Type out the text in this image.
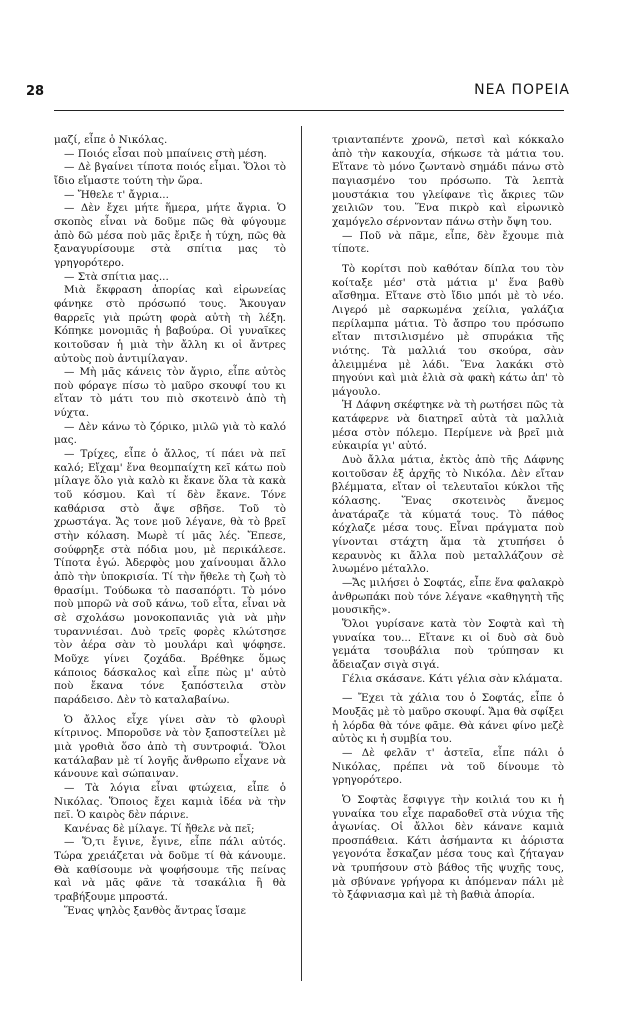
28	ΝΕΑ ΠΟΡΕΙΑ

μαζί, εἶπε ὁ Νικόλας.

— Ποιός εἶσαι ποὺ μπαίνεις στὴ μέση.

— Δὲ βγαίνει τίποτα ποιός εἶμαι. Ὅλοι τὸ ἴδιο εἴμαστε τούτη τὴν ὥρα.

— Ἤθελε τ' ἄγρια...

— Δὲν ἔχει μήτε ἥμερα, μήτε ἄγρια. Ὁ σκοπὸς εἶναι νὰ δοῦμε πῶς θὰ φύγουμε ἀπὸ δῶ μέσα ποὺ μᾶς ἔριξε ἡ τύχη, πῶς θὰ ξαναγυρίσουμε στὰ σπίτια μας τὸ γρηγορότερο.

— Στὰ σπίτια μας...

Μιὰ ἔκφραση ἀπορίας καὶ εἰρωνείας φάνηκε στὸ πρόσωπό τους. Ἄκουγαν θαρρεῖς γιὰ πρώτη φορὰ αὐτὴ τὴ λέξη. Κόπηκε μονομιᾶς ἡ βαβούρα. Οἱ γυναῖκες κοιτοῦσαν ἡ μιὰ τὴν ἄλλη κι οἱ ἄντρες αὐτοὺς ποὺ ἀντιμίλαγαν.

— Μὴ μᾶς κάνεις τὸν ἄγριο, εἶπε αὐτὸς ποὺ φόραγε πίσω τὸ μαῦρο σκουφί του κι εἴταν τὸ μάτι του πιὸ σκοτεινὸ ἀπὸ τὴ νύχτα.

— Δὲν κάνω τὸ ζόρικο, μιλῶ γιὰ τὸ καλό μας.

— Τρίχες, εἶπε ὁ ἄλλος, τί πάει νὰ πεῖ καλό; Εἴχαμ' ἕνα θεομπαίχτη κεῖ κάτω ποὺ μίλαγε ὅλο γιὰ καλὸ κι ἔκανε ὅλα τὰ κακὰ τοῦ κόσμου. Καὶ τί δὲν ἔκανε. Τόνε καθάρισα στὸ ἄψε σβῆσε. Τοῦ τὸ χρωστάγα. Ἄς τονε μοῦ λέγανε, θὰ τὸ βρεῖ στὴν κόλαση. Μωρὲ τί μᾶς λές. Ἔπεσε, σούφρηξε στὰ πόδια μου, μὲ περικάλεσε. Τίποτα ἐγώ. Ἀδερφὸς μου χαίνουμαι ἄλλο ἀπὸ τὴν ὑποκρισία. Τί τὴν ἤθελε τὴ ζωὴ τὸ θρασίμι. Τούδωκα τὸ πασαπόρτι. Τὸ μόνο ποὺ μπορῶ νὰ σοῦ κάνω, τοῦ εἶτα, εἶναι νὰ σὲ σχολάσω μονοκοπανιᾶς γιὰ νὰ μὴν τυραννιέσαι. Δυὸ τρεῖς φορὲς κλώτσησε τὸν ἀέρα σὰν τὸ μουλάρι καὶ ψόφησε. Μοῦχε γίνει ζοχάδα. Βρέθηκε ὅμως κάποιος δάσκαλος καὶ εἶπε πὼς μ' αὐτὸ ποὺ ἔκανα τόνε ξαπόστειλα στὸν παράδεισο. Δὲν τὸ καταλαβαίνω.

Ὁ ἄλλος εἶχε γίνει σὰν τὸ φλουρὶ κίτρινος. Μποροῦσε νὰ τὸν ξαποστείλει μὲ μιὰ γροθιὰ ὅσο ἀπὸ τὴ συντροφιά. Ὅλοι κατάλαβαν μὲ τί λογῆς ἄνθρωπο εἶχανε νὰ κάνουνε καὶ σώπαιναν.

— Τὰ λόγια εἶναι φτώχεια, εἶπε ὁ Νικόλας. Ὅποιος ἔχει καμιὰ ἰδέα νὰ τὴν πεῖ. Ὁ καιρὸς δὲν πάρινε.

Κανένας δὲ μίλαγε. Τί ἤθελε νὰ πεῖ;

— Ὅ,τι ἔγινε, ἔγινε, εἶπε πάλι αὐτός. Τώρα χρειάζεται νὰ δοῦμε τί θὰ κάνουμε. Θὰ καθίσουμε νὰ ψοφήσουμε τῆς πείνας καὶ νὰ μᾶς φᾶνε τὰ τσακάλια ἢ θὰ τραβήξουμε μπροστά.

Ἕνας ψηλὸς ξανθὸς ἄντρας ἴσαμε

τριανταπέντε χρονῶ, πετσὶ καὶ κόκκαλο ἀπὸ τὴν κακουχία, σήκωσε τὰ μάτια του. Εἴτανε τὸ μόνο ζωντανὸ σημάδι πάνω στὸ παγιασμένο του πρόσωπο. Τὰ λεπτὰ μουστάκια του γλείφανε τὶς ἄκριες τῶν χειλιῶν του. Ἕνα πικρὸ καὶ εἰρωνικὸ χαμόγελο σέρνονταν πάνω στὴν ὄψη του.

— Ποῦ νὰ πᾶμε, εἶπε, δὲν ἔχουμε πιὰ τίποτε.

Τὸ κορίτσι ποὺ καθόταν δίπλα του τὸν κοίταξε μέσ' στὰ μάτια μ' ἕνα βαθὺ αἴσθημα. Εἴτανε στὸ ἴδιο μπόι μὲ τὸ νέο. Λιγερό μὲ σαρκωμένα χείλια, γαλάζια περίλαμπα μάτια. Τὸ ἄσπρο του πρόσωπο εἴταν πιτσιλισμένο μὲ σπυράκια τῆς νιότης. Τὰ μαλλιά του σκούρα, σὰν ἀλειμμένα μὲ λάδι. Ἕνα λακάκι στὸ πηγούνι καὶ μιὰ ἐλιὰ σὰ φακὴ κάτω ἀπ' τὸ μάγουλο.

Ἡ Δάφνη σκέφτηκε νὰ τὴ ρωτήσει πῶς τὰ κατάφερνε νὰ διατηρεῖ αὐτὰ τὰ μαλλιὰ μέσα στὸν πόλεμο. Περίμενε νὰ βρεῖ μιὰ εὐκαιρία γι' αὐτό.

Δυὸ ἄλλα μάτια, ἐκτὸς ἀπὸ τῆς Δάφνης κοιτοῦσαν ἐξ ἀρχῆς τὸ Νικόλα. Δὲν εἴταν βλέμματα, εἴταν οἱ τελευταῖοι κύκλοι τῆς κόλασης. Ἕνας σκοτεινὸς ἄνεμος ἀνατάραζε τὰ κύματά τους. Τὸ πάθος κόχλαζε μέσα τους. Εἶναι πράγματα ποὺ γίνονται στάχτη ἅμα τὰ χτυπήσει ὁ κεραυνὸς κι ἄλλα ποὺ μεταλλάζουν σὲ λυωμένο μέταλλο.

—Ἄς μιλήσει ὁ Σοφτάς, εἶπε ἕνα φαλακρὸ ἀνθρωπάκι ποὺ τόνε λέγανε «καθηγητὴ τῆς μουσικῆς».

Ὅλοι γυρίσανε κατὰ τὸν Σοφτὰ καὶ τὴ γυναίκα του... Εἴτανε κι οἱ δυὸ σὰ δυὸ γεμάτα τσουβάλια ποὺ τρύπησαν κι ἄδειαζαν σιγὰ σιγά.

Γέλια σκάσανε. Κάτι γέλια σὰν κλάματα.

— Ἔχει τὰ χάλια του ὁ Σοφτάς, εἶπε ὁ Μουξᾶς μὲ τὸ μαῦρο σκουφί. Ἅμα θὰ σφίξει ἡ λόρδα θὰ τόνε φᾶμε. Θὰ κάνει φίνο μεζὲ αὐτὸς κι ἡ συμβία του.

— Δὲ φελᾶν τ' ἀστεῖα, εἶπε πάλι ὁ Νικόλας, πρέπει νὰ τοῦ δίνουμε τὸ γρηγορότερο.

Ὁ Σοφτὰς ἔσφιγγε τὴν κοιλιά του κι ἡ γυναίκα του εἶχε παραδοθεῖ στὰ νύχια τῆς ἀγωνίας. Οἱ ἄλλοι δὲν κάνανε καμιὰ προσπάθεια. Κάτι ἀσήμαντα κι ἀόριστα γεγονότα ἔσκαζαν μέσα τους καὶ ζήταγαν νὰ τρυπήσουν στὸ βάθος τῆς ψυχῆς τους, μὰ σβύνανε γρήγορα κι ἀπόμεναν πάλι μὲ τὸ ξάφνιασμα καὶ μὲ τὴ βαθιὰ ἀπορία.
